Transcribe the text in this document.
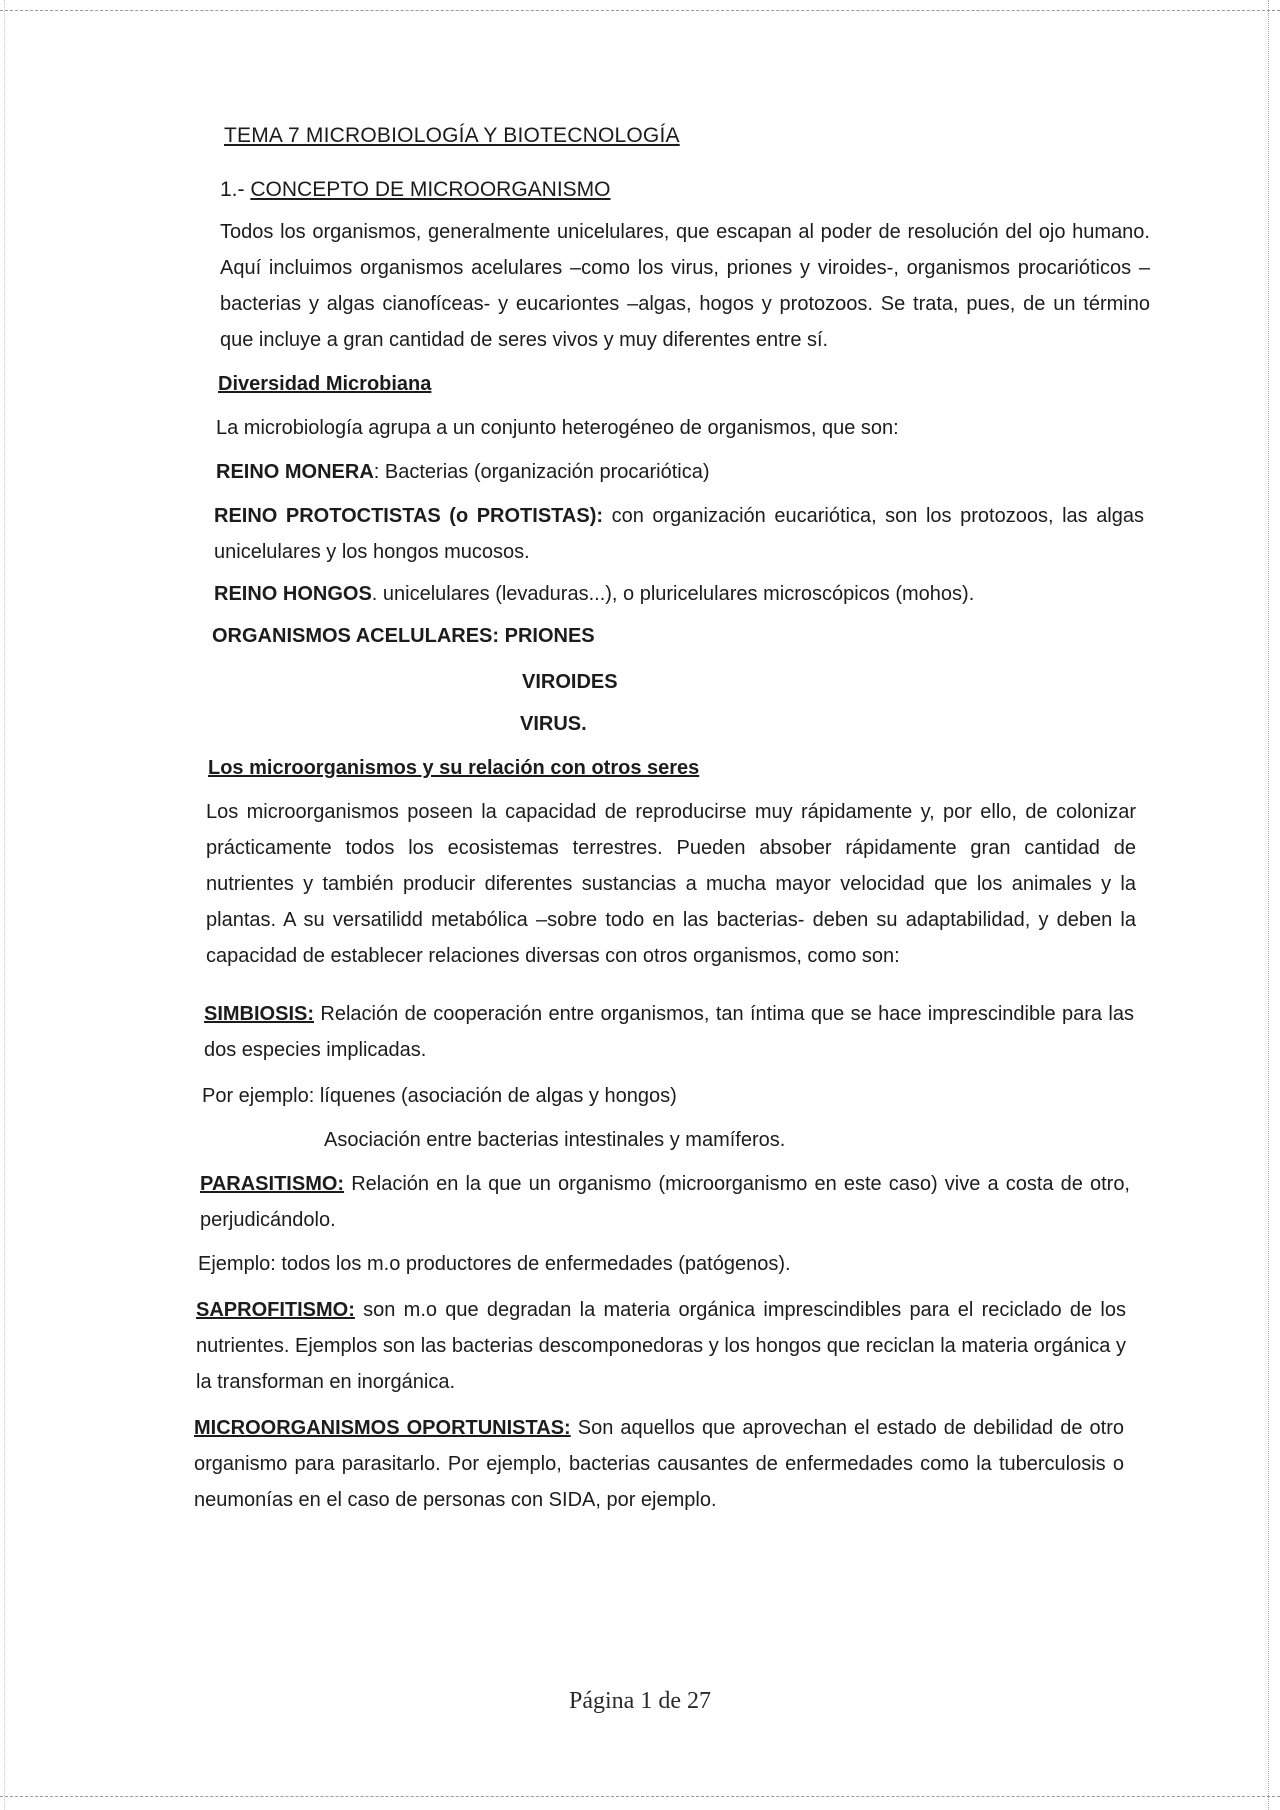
TEMA 7 MICROBIOLOGÍA Y BIOTECNOLOGÍA
1.- CONCEPTO DE MICROORGANISMO
Todos los organismos, generalmente unicelulares, que escapan al poder de resolución del ojo humano. Aquí incluimos organismos acelulares –como los virus, priones y viroides-, organismos procarióticos –bacterias y algas cianofíceas- y eucariontes –algas, hogos y protozoos. Se trata, pues, de un término que incluye a gran cantidad de seres vivos y muy diferentes entre sí.
Diversidad Microbiana
La microbiología agrupa a un conjunto heterogéneo de organismos, que son:
REINO MONERA: Bacterias (organización procariótica)
REINO PROTOCTISTAS (o PROTISTAS): con organización eucariótica, son los protozoos, las algas unicelulares y los hongos mucosos.
REINO HONGOS. unicelulares (levaduras...), o pluricelulares microscópicos (mohos).
ORGANISMOS ACELULARES: PRIONES
VIROIDES
VIRUS.
Los microorganismos y su relación con otros seres
Los microorganismos poseen la capacidad de reproducirse muy rápidamente y, por ello, de colonizar prácticamente todos los ecosistemas terrestres. Pueden absober rápidamente gran cantidad de nutrientes y también producir diferentes sustancias a mucha mayor velocidad que los animales y la plantas. A su versatilidd metabólica –sobre todo en las bacterias- deben su adaptabilidad, y deben la capacidad de establecer relaciones diversas con otros organismos, como son:
SIMBIOSIS: Relación de cooperación entre organismos, tan íntima que se hace imprescindible para las dos especies implicadas.
Por ejemplo: líquenes (asociación de algas y hongos)
Asociación entre bacterias intestinales y mamíferos.
PARASITISMO: Relación en la que un organismo (microorganismo en este caso) vive a costa de otro, perjudicándolo.
Ejemplo: todos los m.o productores de enfermedades (patógenos).
SAPROFITISMO: son m.o que degradan la materia orgánica imprescindibles para el reciclado de los nutrientes. Ejemplos son las bacterias descomponedoras y los hongos que reciclan la materia orgánica y la transforman en inorgánica.
MICROORGANISMOS OPORTUNISTAS: Son aquellos que aprovechan el estado de debilidad de otro organismo para parasitarlo. Por ejemplo, bacterias causantes de enfermedades como la tuberculosis o neumonías en el caso de personas con SIDA, por ejemplo.
Página 1 de 27
